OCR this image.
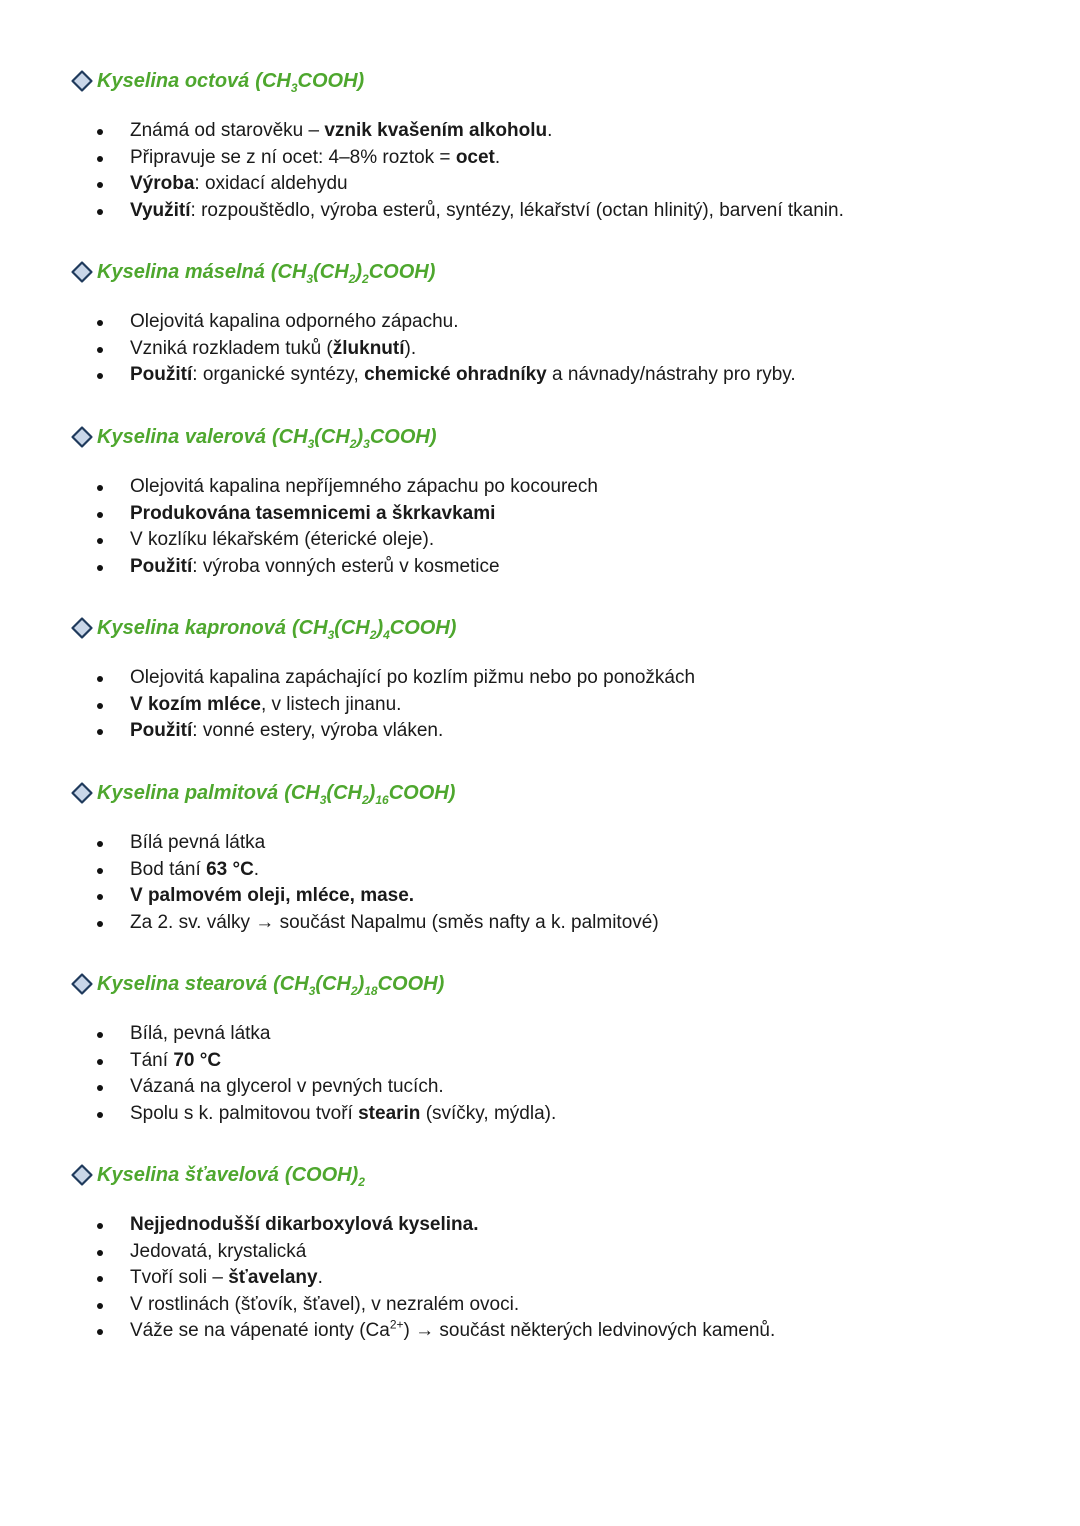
Kyselina octová $(CH_3COOH)$
Známá od starověku – vznik kvašením alkoholu.
Připravuje se z ní ocet: 4–8% roztok = ocet.
Výroba: oxidací aldehydu
Využití: rozpouštědlo, výroba esterů, syntézy, lékařství (octan hlinitý), barvení tkanin.
Kyselina máselná $(CH_3(CH_2)_2COOH)$
Olejovitá kapalina odporného zápachu.
Vzniká rozkladem tuků (žluknutí).
Použití: organické syntézy, chemické ohradníky a návnady/nástrahy pro ryby.
Kyselina valerová $(CH_3(CH_2)_3COOH)$
Olejovitá kapalina nepříjemného zápachu po kocourech
Produkována tasemnicemi a škrkavkami
V kozlíku lékařském (éterické oleje).
Použití: výroba vonných esterů v kosmetice
Kyselina kapronová $(CH_3(CH_2)_4COOH)$
Olejovitá kapalina zapáchající po kozlím pižmu nebo po ponožkách
V kozím mléce, v listech jinanu.
Použití: vonné estery, výroba vláken.
Kyselina palmitová $(CH_3(CH_2)_{16}COOH)$
Bílá pevná látka
Bod tání 63 °C.
V palmovém oleji, mléce, mase.
Za 2. sv. války → součást Napalmu (směs nafty a k. palmitové)
Kyselina stearová $(CH_3(CH_2)_{18}COOH)$
Bílá, pevná látka
Tání 70 °C
Vázaná na glycerol v pevných tucích.
Spolu s k. palmitovou tvoří stearin (svíčky, mýdla).
Kyselina šťavelová $(COOH)_2$
Nejjednodušší dikarboxylová kyselina.
Jedovatá, krystalická
Tvoří soli – šťavelany.
V rostlinách (šťovík, šťavel), v nezralém ovoci.
Váže se na vápenaté ionty $(Ca^{2+})$ → součást některých ledvinových kamenů.
